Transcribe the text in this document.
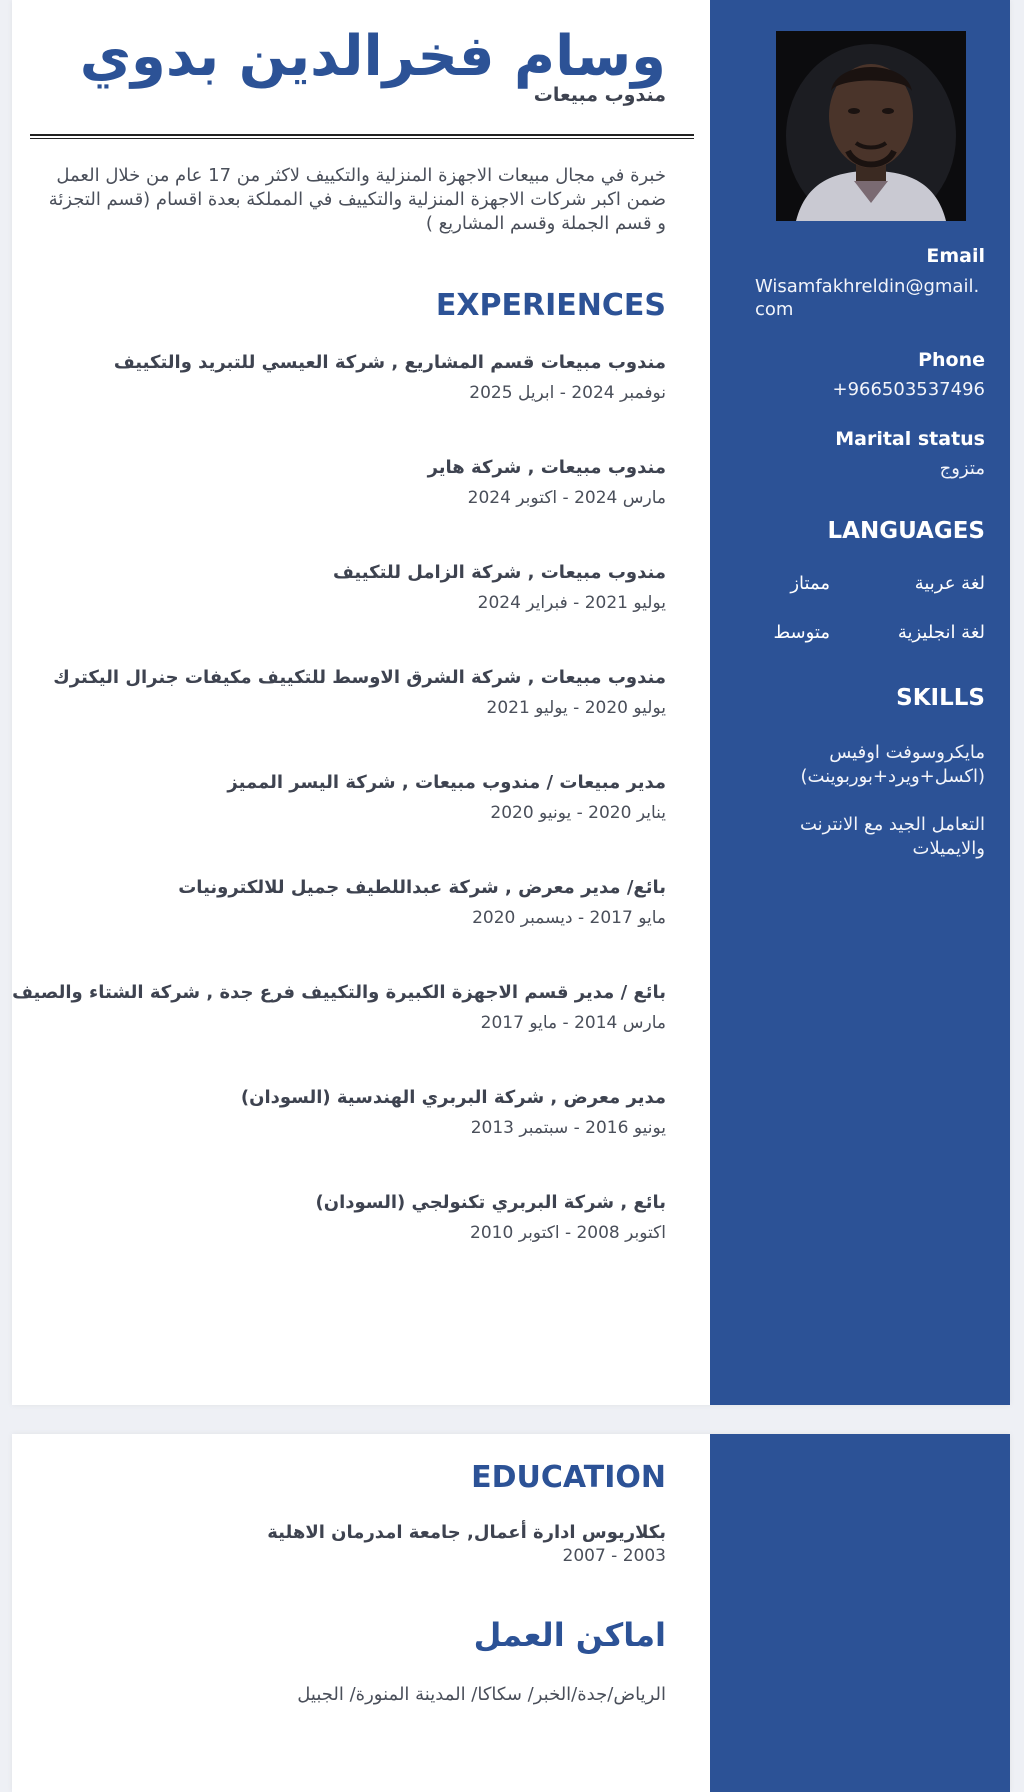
وسام فخرالدين بدوي
مندوب مبيعات

خبرة في مجال مبيعات الاجهزة المنزلية والتكييف لاكثر من 17 عام من خلال العمل ضمن اكبر شركات الاجهزة المنزلية والتكييف في المملكة بعدة اقسام (قسم التجزئة و قسم الجملة وقسم المشاريع )

EXPERIENCES
مندوب مبيعات قسم المشاريع , شركة العيسي للتبريد والتكييف
نوفمبر 2024 - ابريل 2025
مندوب مبيعات , شركة هاير
مارس 2024 - اكتوبر 2024
مندوب مبيعات , شركة الزامل للتكييف
يوليو 2021 - فبراير 2024
مندوب مبيعات , شركة الشرق الاوسط للتكييف مكيفات جنرال اليكترك
يوليو 2020 - يوليو 2021
مدير مبيعات / مندوب مبيعات , شركة اليسر المميز
يناير 2020 - يونيو 2020
بائع/ مدير معرض , شركة عبداللطيف جميل للالكترونيات
مايو 2017 - ديسمبر 2020
بائع / مدير قسم الاجهزة الكبيرة والتكييف فرع جدة , شركة الشتاء والصيف
مارس 2014 - مايو 2017
مدير معرض , شركة البربري الهندسية (السودان)
يونيو 2016 - سبتمبر 2013
بائع , شركة البربري تكنولجي (السودان)
اكتوبر 2008 - اكتوبر 2010
Email
Wisamfakhreldin@gmail.com
Phone
+966503537496
Marital status
متزوج
LANGUAGES
لغة عربية
ممتاز
لغة انجليزية
متوسط
SKILLS

مايكروسوفت اوفيس (اكسل+ويرد+بوربوينت)

التعامل الجيد مع الانترنت والايميلات

EDUCATION
بكلاريوس ادارة أعمال, جامعة امدرمان الاهلية
2003 - 2007
اماكن العمل
الرياض/جدة/الخبر/ سكاكا/ المدينة المنورة/ الجبيل
